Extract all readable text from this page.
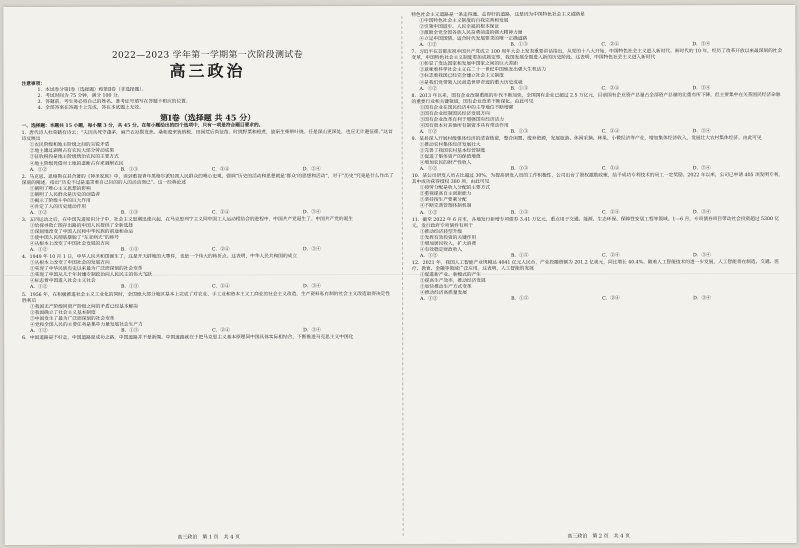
2022—2023 学年第一学期第一次阶段测试卷
高三政治
注意事项：
1．本试卷分第Ⅰ卷（选择题）和第Ⅱ卷（非选择题）。
2．考试时间为 75 分钟，满分 100 分。
3．答题前，考生务必将自己的姓名、准考证号填写在答题卡相应的位置。
4．全部答案在答题卡上完成，答在本试题上无效。
第Ⅰ卷（选择题 共 45 分）
一、选择题：本题共 15 小题，每小题 3 分，共 45 分。在每小题给出的四个选项中，只有一项是符合题目要求的。
1．唐代诗人杜荀鹤有诗云：“夫因兵死守蓬茅，麻苎衣衫鬓发焦。桑柘废来犹纳税，田园荒后尚征苗。时挑野菜和根煮，旋斫生柴带叶烧。任是深山更深处，也应无计避征徭。”这首诗反映出
①农民阶级和地主阶级之间的尖锐矛盾
②地主通过剥削占有农民大部分劳动成果
③征收税役是地主阶级统治农民的主要方式
④地主阶级凭借对土地的垄断占有来剥削农民
A．①②	B．①③	C．②④	D．③④
2．马克思、恩格斯在其合著的《神圣家族》中，谈到重视青年黑格尔派轻视人民群众的唯心史观，强调“历史的活动和思想就是‘群众’的思想和活动”，对于“历史”究竟是什么作出了深刻的阐述，指出“历史不过是追求着自己目的的人的活动而已”。这一经典论述
①阐明了唯心主义思想的影响
②阐明了人民群众是历史的创造者
③揭示了阶级斗争的巨大作用
④肯定了人的历史能动作用
A．①②	B．①③	C．②④	D．③④
3．五四运动之后，在中国先进知识分子中，社会主义思潮迅速兴起，在马克思列宁主义同中国工人运动相结合的进程中，中国共产党诞生了。中国共产党的诞生
①给探寻救亡图存出路的中国人民提供了全新选择
②深刻地改变了中国人民和中华民族的前途和命运
③使中国人民彻底摆脱了“东亚病夫”的称号
④从根本上改变了中国社会发展的方向
A．①②	B．①③	C．②④	D．③④
4．1949 年 10 月 1 日，中华人民共和国诞生了。这是开天辟地的大事件，也是一个伟大的转折点。这表明，中华人民共和国的成立
①从根本上改变了中国社会的发展方向
②实现了中华民族有史以来最为广泛而深刻的社会变革
③实现了中国从几千年封建专制政治向人民民主的伟大飞跃
④标志着中国进入社会主义社会
A．①②	B．①③	C．②④	D．③④
5．1956 年，在积极推进社会主义工业化的同时，全国绝大部分地区基本上完成了对农业、手工业和资本主义工商业的社会主义改造，生产资料私有制的社会主义改造取得决定性胜利后
①我国无产阶级同资产阶级之间的矛盾已经基本解决
②我国确立了社会主义基本制度
③中国发生了最为广泛而深刻的社会变革
④党和全国人民的主要任务是集中力量发展社会生产力
A．①②	B．①③	C．②④	D．③④
6．中国道路是不好走，中国道路是成功之路。中国道路并不是新闻。中国道路就在于把马克思主义基本原理同中国具体实际相结合，不断推进马克思主义中国化
特色社会主义道路是一条走得通、走得好的道路，这是因为中国特色社会主义道路是
①中国特色社会主义制度的自我完善和发展
②引领中国进步、人民幸福的根本保证
③激励全党全国各族人民奋勇前进的强大精神力量
④立足中国国情、适合时代发展要求的唯一正确道路
A．①②	B．①③	C．②④	D．③④
7．习近平在首都庆祝中国共产党成立 100 周年大会上发表重要讲话指出，从党的十八大开始，中国特色社会主义进入新时代。新时代的 10 年，经历了改革开放以来最深刻的社会变革，中国特色社会主义制度更加成熟定型，我国发展全面进入新的历史阶段。这表明，中国特色社会主义进入新时代
①彰显了发达国家和发展中国家之间的巨大差距
②意味着科学社会主义在二十一世纪中国焕发出强大生机活力
③标志着我国已经完全建立社会主义制度
④是我们党带领人民创造世界奇迹的重大历史成就
A．①②	B．①③	C．②④	D．③④
8．2013 年以来，国有企业改制重组的步伐不断加快，全国国有企业已超过 2.5 万亿元，目前国有企业资产总量占全部资产总量的比重有所下降，但主要集中在关系国民经济命脉的重要行业和关键领域，国有企业改革不断深化。由此可见
①国有企业在国民经济中的主导地位不断增强
②国有企业控制国民经济发展方向
③国有企业改革有利于增强国有经济活力
④国有资本对其他所有制资本具有带动作用
A．①②	B．①③	C．②④	D．③④
9．某县深入开展村级集体经济的清查核资，整合闲置、废弃资源，发展旅游、休闲采摘、林果、小微经济等产业，增加集体经济收入，发展壮大农村集体经济。由此可见
①推动农村集体经济发展壮大
②完善了我国农村基本经营制度
③促进了集体资产的保值增值
④增加农民的财产性收入
A．①②	B．①③	C．②④	D．③④
10．某公司研发人员占比超过 30%，为提高研发人员的工作积极性，公司出台了股权激励政策，给予成功专利技术的员工一定奖励。2022 年以来，公司已申请 405 项发明专利，其中成功获得授权 380 项。由此可见
①按劳分配是收入分配的主要方式
②重视提高自主创新能力
③坚持按生产要素分配
④不断完善管理体制机制
A．①②	B．①③	C．②④	D．③④
11．截至 2022 年 6 月末，各地发行新增专项债券 3.41 万亿元，重点用于交通、能源、生态环保、保障性安居工程等领域。1—6 月，专项债券项目带动社会投资超过 5300 亿元。发行政府专项债券有利于
①推动经济转型升级
②发挥有效投资的关键作用
③增加居民收入，扩大消费
④有效稳定财政收入
A．①②	B．①③	C．②④	D．③④
12．2021 年，我国人工智能产业规模达 4041 亿元人民币，产业投融资额为 201.2 亿美元，同比增长 40.4%。随着人工智能技术的进一步发展，人工智能将在制造、交通、医疗、教育、金融等领域广泛应用。这表明，人工智能的发展
①促进新产业、新模式的产生
②提高生产效率，推动经济发展
③加快推动生产方式变革
④推动经济高质量发展
A．①②	B．①③	C．②④	D．③④
高三政治　第 1 页　共 4 页	高三政治　第 2 页　共 4 页
